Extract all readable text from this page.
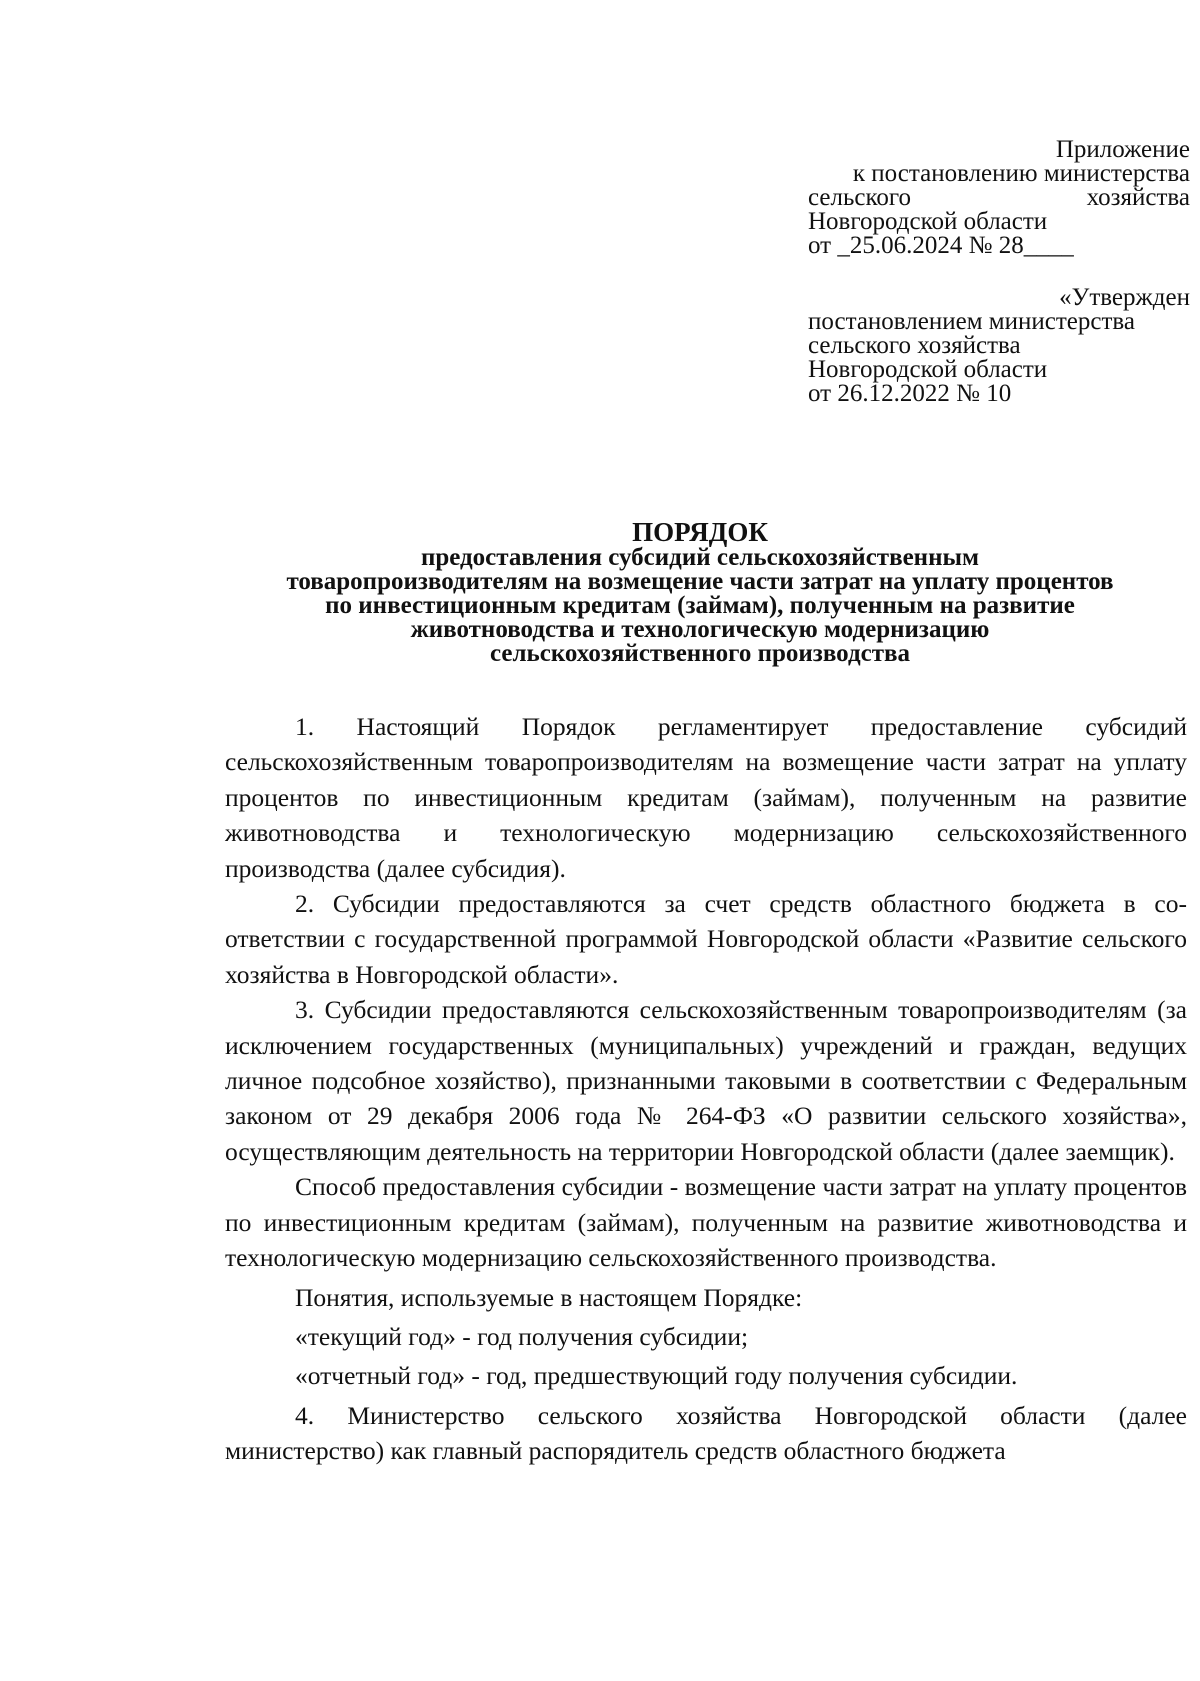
Приложение
к постановлению министерства
сельского	хозяйства
Новгородской области
от _25.06.2024 № 28____
«Утвержден
постановлением министерства
сельского хозяйства
Новгородской области
от 26.12.2022 № 10
ПОРЯДОК
предоставления субсидий сельскохозяйственным
товаропроизводителям на возмещение части затрат на уплату процентов
по инвестиционным кредитам (займам), полученным на развитие
животноводства и технологическую модернизацию
сельскохозяйственного производства

1. Настоящий Порядок регламентирует предоставление субсидий сельскохозяйственным товаропроизводителям на возмещение части затрат на уплату процентов по инвестиционным кредитам (займам), полученным на развитие животноводства и технологическую модернизацию сельскохозяйственного производства (далее субсидия).

2. Субсидии предоставляются за счет средств областного бюджета в со-ответствии с государственной программой Новгородской области «Развитие сельского хозяйства в Новгородской области».

3. Субсидии предоставляются сельскохозяйственным товаропроизводителям (за исключением государственных (муниципальных) учреждений и граждан, ведущих личное подсобное хозяйство), признанными таковыми в соответствии с Федеральным законом от 29 декабря 2006 года № 264-ФЗ «О развитии сельского хозяйства», осуществляющим деятельность на территории Новгородской области (далее заемщик).

Способ предоставления субсидии - возмещение части затрат на уплату процентов по инвестиционным кредитам (займам), полученным на развитие животноводства и технологическую модернизацию сельскохозяйственного производства.

Понятия, используемые в настоящем Порядке:

«текущий год» - год получения субсидии;

«отчетный год» - год, предшествующий году получения субсидии.

4. Министерство сельского хозяйства Новгородской области (далее министерство) как главный распорядитель средств областного бюджета
